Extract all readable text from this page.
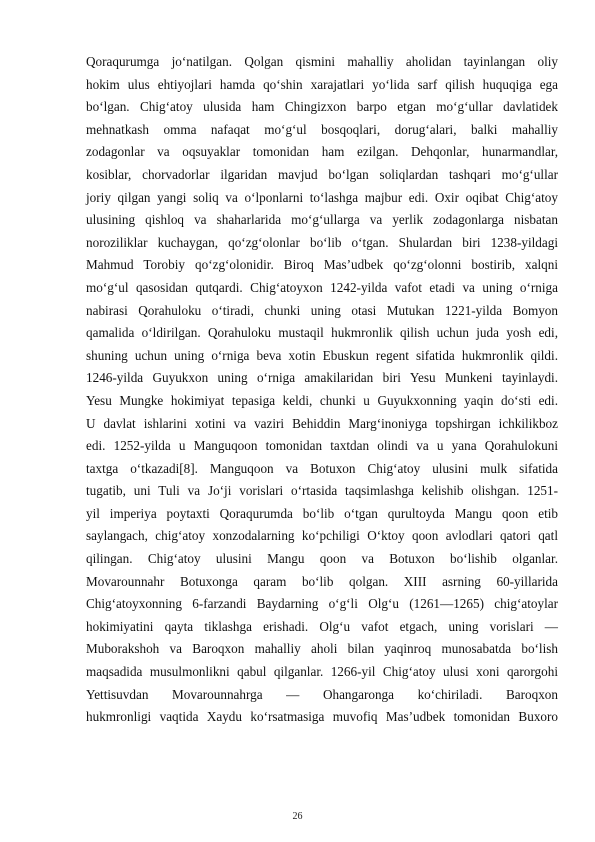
Qoraqurumga joʻnatilgan. Qolgan qismini mahalliy aholidan tayinlangan oliy
hokim ulus ehtiyojlari hamda qoʻshin xarajatlari yoʻlida sarf qilish huquqiga ega
boʻlgan. Chigʻatoy ulusida ham Chingizxon barpo etgan moʻgʻullar davlatidek
mehnatkash omma nafaqat moʻgʻul bosqoqlari, dorugʻalari, balki mahalliy
zodagonlar va oqsuyaklar tomonidan ham ezilgan. Dehqonlar, hunarmandlar,
kosiblar, chorvadorlar ilgaridan mavjud boʻlgan soliqlardan tashqari moʻgʻullar
joriy qilgan yangi soliq va oʻlponlarni toʻlashga majbur edi. Oxir oqibat Chigʻatoy
ulusining qishloq va shaharlarida moʻgʻullarga va yerlik zodagonlarga nisbatan
noroziliklar kuchaygan, qoʻzgʻolonlar boʻlib oʻtgan. Shulardan biri 1238-yildagi
Mahmud Torobiy qoʻzgʻolonidir. Biroq Masʼudbek qoʻzgʻolonni bostirib, xalqni
moʻgʻul qasosidan qutqardi. Chigʻatoyxon 1242-yilda vafot etadi va uning oʻrniga
nabirasi Qorahuloku oʻtiradi, chunki uning otasi Mutukan 1221-yilda Bomyon
qamalida oʻldirilgan. Qorahuloku mustaqil hukmronlik qilish uchun juda yosh edi,
shuning uchun uning oʻrniga beva xotin Ebuskun regent sifatida hukmronlik qildi.
1246-yilda Guyukxon uning oʻrniga amakilaridan biri Yesu Munkeni tayinlaydi.
Yesu Mungke hokimiyat tepasiga keldi, chunki u Guyukxonning yaqin doʻsti edi.
U davlat ishlarini xotini va vaziri Behiddin Margʻinoniyga topshirgan ichkilikboz
edi. 1252-yilda u Manguqoon tomonidan taxtdan olindi va u yana Qorahulokuni
taxtga oʻtkazadi[8]. Manguqoon va Botuxon Chigʻatoy ulusini mulk sifatida
tugatib, uni Tuli va Joʻji vorislari oʻrtasida taqsimlashga kelishib olishgan. 1251-
yil imperiya poytaxti Qoraqurumda boʻlib oʻtgan qurultoyda Mangu qoon etib
saylangach, chigʻatoy xonzodalarning koʻpchiligi Oʻktoy qoon avlodlari qatori qatl
qilingan. Chigʻatoy ulusini Mangu qoon va Botuxon boʻlishib olganlar.
Movarounnahr Botuxonga qaram boʻlib qolgan. XIII asrning 60-yillarida
Chigʻatoyxonning 6-farzandi Baydarning oʻgʻli Olgʻu (1261—1265) chigʻatoylar
hokimiyatini qayta tiklashga erishadi. Olgʻu vafot etgach, uning vorislari —
Muborakshoh va Baroqxon mahalliy aholi bilan yaqinroq munosabatda boʻlish
maqsadida musulmonlikni qabul qilganlar. 1266-yil Chigʻatoy ulusi xoni qarorgohi
Yettisuvdan Movarounnahrga — Ohangaronga koʻchiriladi. Baroqxon
hukmronligi vaqtida Xaydu koʻrsatmasiga muvofiq Masʼudbek tomonidan Buxoro
26
